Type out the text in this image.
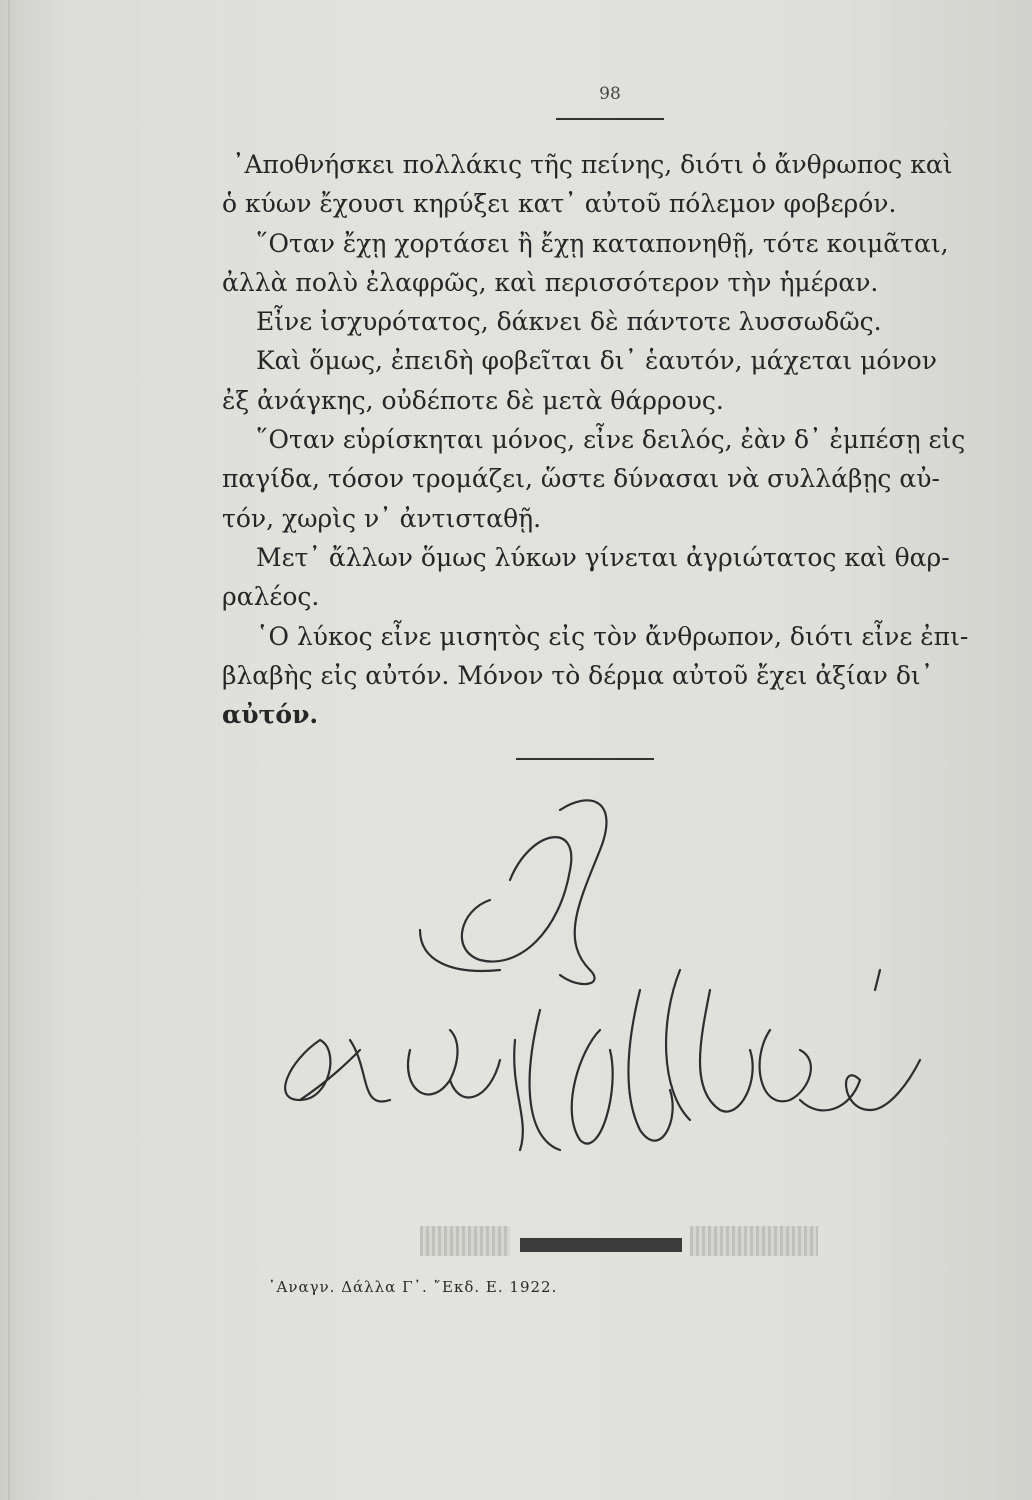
98
᾿Αποθνήσκει πολλάκις τῆς πείνης, διότι ὁ ἄνθρωπος καὶ
ὁ κύων ἔχουσι κηρύξει κατ᾿ αὐτοῦ πόλεμον φοβερόν.
῞Οταν ἔχῃ χορτάσει ἢ ἔχῃ καταπονηθῇ, τότε κοιμᾶται,
ἀλλὰ πολὺ ἐλαφρῶς, καὶ περισσότερον τὴν ἡμέραν.
Εἶνε ἰσχυρότατος, δάκνει δὲ πάντοτε λυσσωδῶς.
Καὶ ὅμως, ἐπειδὴ φοβεῖται δι᾿ ἑαυτόν, μάχεται μόνον
ἐξ ἀνάγκης, οὐδέποτε δὲ μετὰ θάρρους.
῞Οταν εὑρίσκηται μόνος, εἶνε δειλός, ἐὰν δ᾿ ἐμπέσῃ εἰς
παγίδα, τόσον τρομάζει, ὥστε δύνασαι νὰ συλλάβῃς αὐ-
τόν, χωρὶς ν᾿ ἀντισταθῇ.
Μετ᾿ ἄλλων ὅμως λύκων γίνεται ἀγριώτατος καὶ θαρ-
ραλέος.
῾Ο λύκος εἶνε μισητὸς εἰς τὸν ἄνθρωπον, διότι εἶνε ἐπι-
βλαβὴς εἰς αὐτόν. Μόνον τὸ δέρμα αὐτοῦ ἔχει ἀξίαν δι᾿
αὐτόν.
᾿Αναγν. Δάλλα Γ᾿. ῎Εκδ. Ε. 1922.
